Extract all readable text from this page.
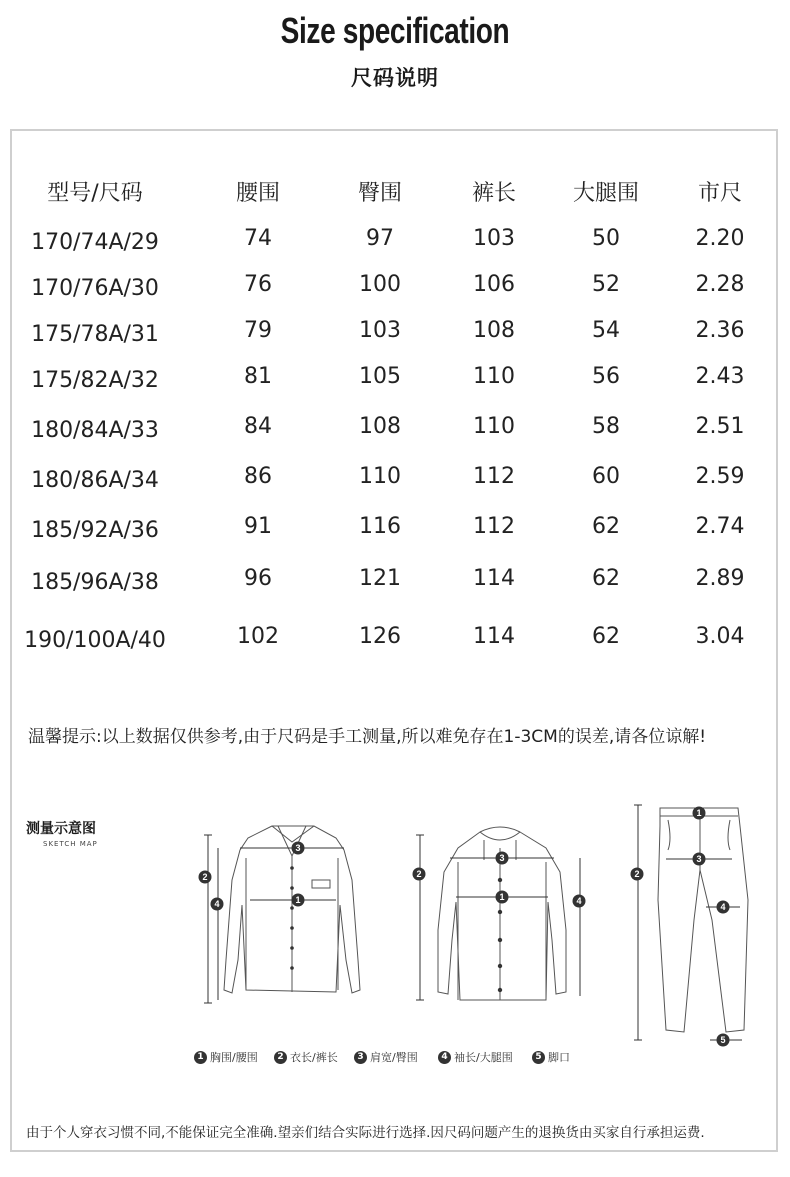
Size specification
尺码说明
型号/尺码	腰围	臀围	裤长	大腿围	市尺
170/74A/29	74	97	103	50	2.20
170/76A/30	76	100	106	52	2.28
175/78A/31	79	103	108	54	2.36
175/82A/32	81	105	110	56	2.43
180/84A/33	84	108	110	58	2.51
180/86A/34	86	110	112	60	2.59
185/92A/36	91	116	112	62	2.74
185/96A/38	96	121	114	62	2.89
190/100A/40	102	126	114	62	3.04
温馨提示:以上数据仅供参考,由于尺码是手工测量,所以难免存在1-3CM的误差,请各位谅解!
测量示意图
SKETCH MAP	3
2
4	1
3
2
4
1
1
2
3
4
5
1 胸围/腰围	2 衣长/裤长	3 肩宽/臀围	4 袖长/大腿围	5 脚口
由于个人穿衣习惯不同,不能保证完全准确.望亲们结合实际进行选择.因尺码问题产生的退换货由买家自行承担运费.
